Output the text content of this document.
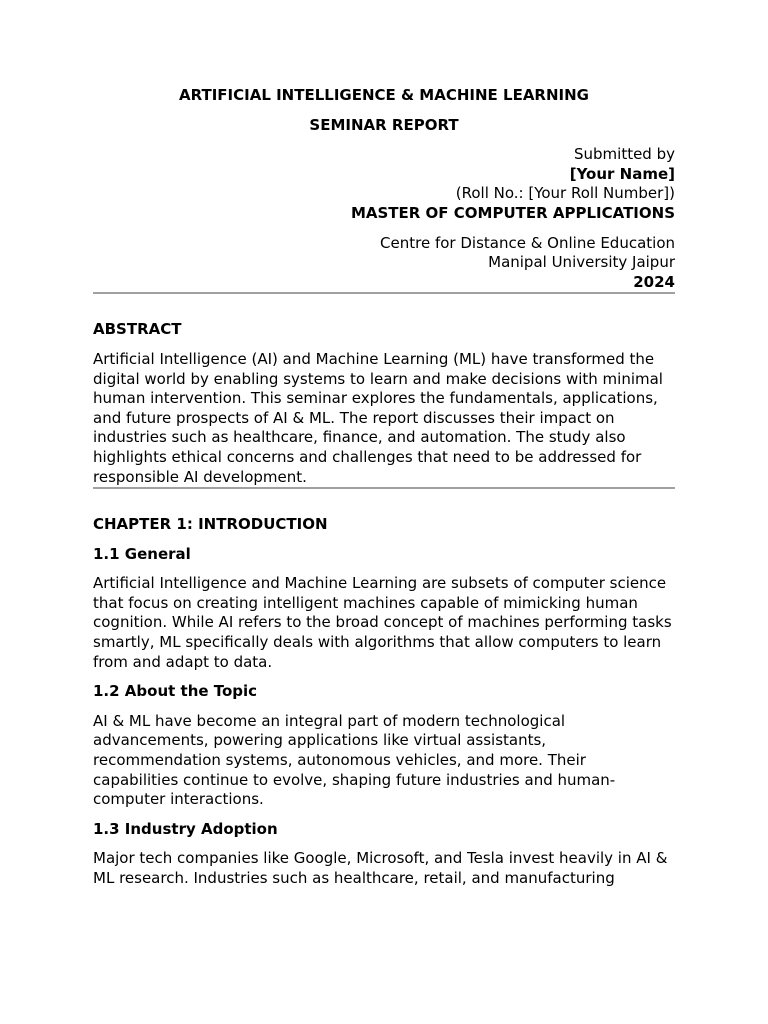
ARTIFICIAL INTELLIGENCE & MACHINE LEARNING
SEMINAR REPORT
Submitted by
[Your Name]
(Roll No.: [Your Roll Number])
MASTER OF COMPUTER APPLICATIONS
Centre for Distance & Online Education
Manipal University Jaipur
2024
ABSTRACT

Artificial Intelligence (AI) and Machine Learning (ML) have transformed the digital world by enabling systems to learn and make decisions with minimal human intervention. This seminar explores the fundamentals, applications, and future prospects of AI & ML. The report discusses their impact on industries such as healthcare, finance, and automation. The study also highlights ethical concerns and challenges that need to be addressed for responsible AI development.

CHAPTER 1: INTRODUCTION
1.1 General

Artificial Intelligence and Machine Learning are subsets of computer science that focus on creating intelligent machines capable of mimicking human cognition. While AI refers to the broad concept of machines performing tasks smartly, ML specifically deals with algorithms that allow computers to learn from and adapt to data.

1.2 About the Topic

AI & ML have become an integral part of modern technological advancements, powering applications like virtual assistants, recommendation systems, autonomous vehicles, and more. Their capabilities continue to evolve, shaping future industries and human-computer interactions.

1.3 Industry Adoption

Major tech companies like Google, Microsoft, and Tesla invest heavily in AI & ML research. Industries such as healthcare, retail, and manufacturing
